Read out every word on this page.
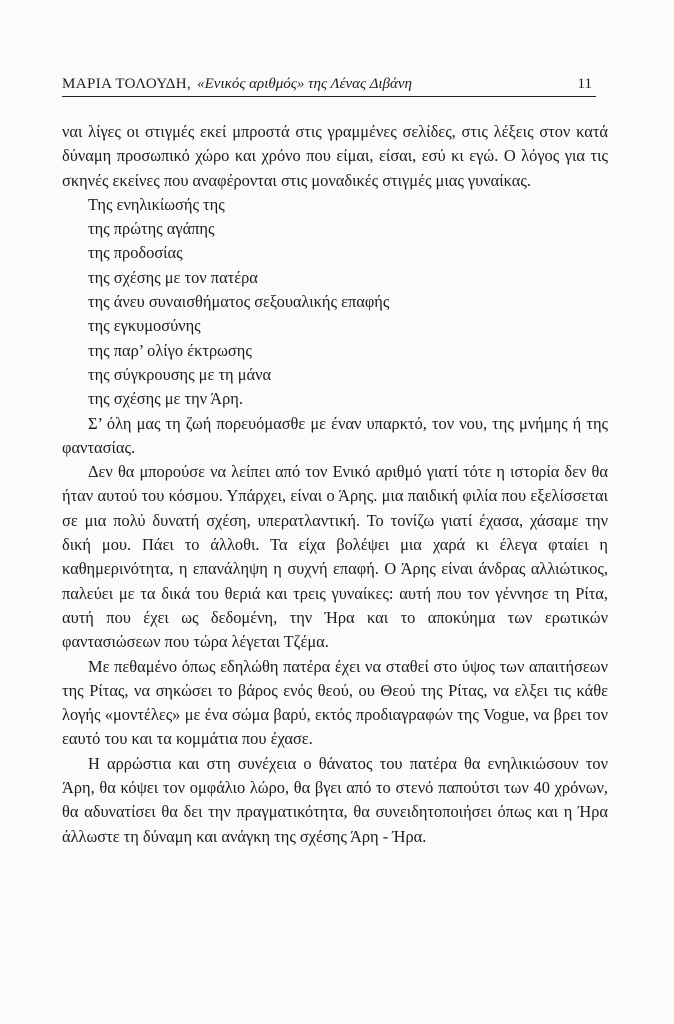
ΜΑΡΙΑ ΤΟΛΟΥΔΗ, «Ενικός αριθμός» της Λένας Διβάνη	11

ναι λίγες οι στιγμές εκεί μπροστά στις γραμμένες σελίδες, στις λέξεις στον κατά δύναμη προσωπικό χώρο και χρόνο που είμαι, είσαι, εσύ κι εγώ. Ο λόγος για τις σκηνές εκείνες που αναφέρονται στις μοναδικές στιγμές μιας γυναίκας.

Της ενηλικίωσής της
της πρώτης αγάπης
της προδοσίας
της σχέσης με τον πατέρα
της άνευ συναισθήματος σεξουαλικής επαφής
της εγκυμοσύνης
της παρ’ ολίγο έκτρωσης
της σύγκρουσης με τη μάνα
της σχέσης με την Άρη.

Σ’ όλη μας τη ζωή πορευόμασθε με έναν υπαρκτό, τον νου, της μνήμης ή της φαντασίας.

Δεν θα μπορούσε να λείπει από τον Ενικό αριθμό γιατί τότε η ιστορία δεν θα ήταν αυτού του κόσμου. Υπάρχει, είναι ο Άρης. μια παιδική φιλία που εξελίσσεται σε μια πολύ δυνατή σχέση, υπερατλαντική. Το τονίζω γιατί έχασα, χάσαμε την δική μου. Πάει το άλλοθι. Τα είχα βολέψει μια χαρά κι έλεγα φταίει η καθημερινότητα, η επανάληψη η συχνή επαφή. Ο Άρης είναι άνδρας αλλιώτικος, παλεύει με τα δικά του θεριά και τρεις γυναίκες: αυτή που τον γέννησε τη Ρίτα, αυτή που έχει ως δεδομένη, την Ήρα και το αποκύημα των ερωτικών φαντασιώσεων που τώρα λέγεται Τζέμα.

Με πεθαμένο όπως εδηλώθη πατέρα έχει να σταθεί στο ύψος των απαιτήσεων της Ρίτας, να σηκώσει το βάρος ενός θεού, ου Θεού της Ρίτας, να ελξει τις κάθε λογής «μοντέλες» με ένα σώμα βαρύ, εκτός προδιαγραφών της Vogue, να βρει τον εαυτό του και τα κομμάτια που έχασε.

Η αρρώστια και στη συνέχεια ο θάνατος του πατέρα θα ενηλικιώσουν τον Άρη, θα κόψει τον ομφάλιο λώρο, θα βγει από το στενό παπούτσι των 40 χρόνων, θα αδυνατίσει θα δει την πραγματικότητα, θα συνειδητοποιήσει όπως και η Ήρα άλλωστε τη δύναμη και ανάγκη της σχέσης Άρη - Ήρα.
